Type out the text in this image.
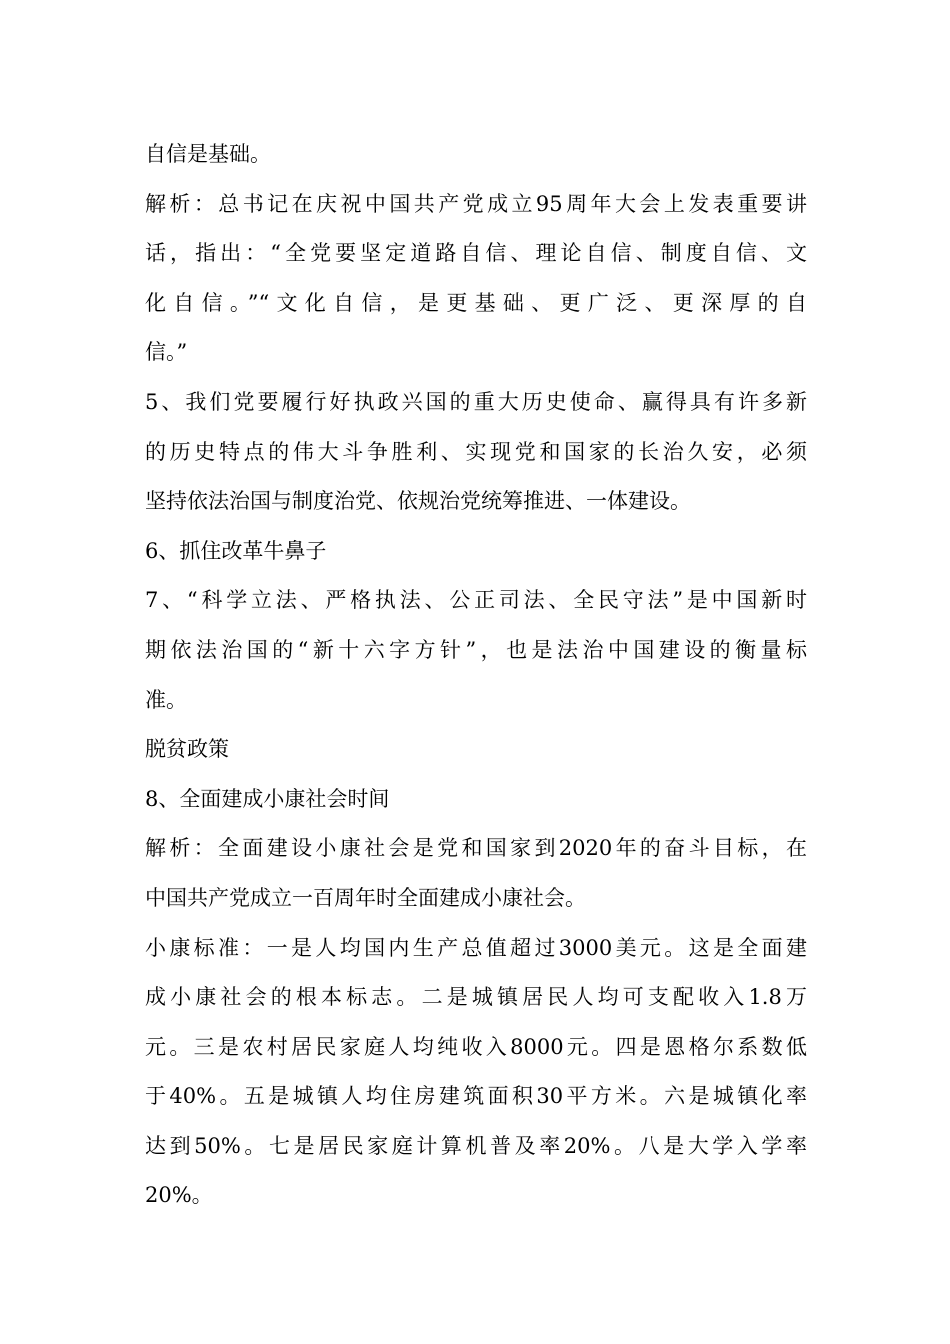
自信是基础。
解析：总书记在庆祝中国共产党成立95周年大会上发表重要讲
话，指出：“全党要坚定道路自信、理论自信、制度自信、文
化自信。”“文化自信，是更基础、更广泛、更深厚的自
信。”
5、我们党要履行好执政兴国的重大历史使命、赢得具有许多新
的历史特点的伟大斗争胜利、实现党和国家的长治久安，必须
坚持依法治国与制度治党、依规治党统筹推进、一体建设。
6、抓住改革牛鼻子
7、“科学立法、严格执法、公正司法、全民守法”是中国新时
期依法治国的“新十六字方针”，也是法治中国建设的衡量标
准。
脱贫政策
8、全面建成小康社会时间
解析：全面建设小康社会是党和国家到2020年的奋斗目标，在
中国共产党成立一百周年时全面建成小康社会。
小康标准：一是人均国内生产总值超过3000美元。这是全面建
成小康社会的根本标志。二是城镇居民人均可支配收入1.8万
元。三是农村居民家庭人均纯收入8000元。四是恩格尔系数低
于40%。五是城镇人均住房建筑面积30平方米。六是城镇化率
达到50%。七是居民家庭计算机普及率20%。八是大学入学率
20%。
